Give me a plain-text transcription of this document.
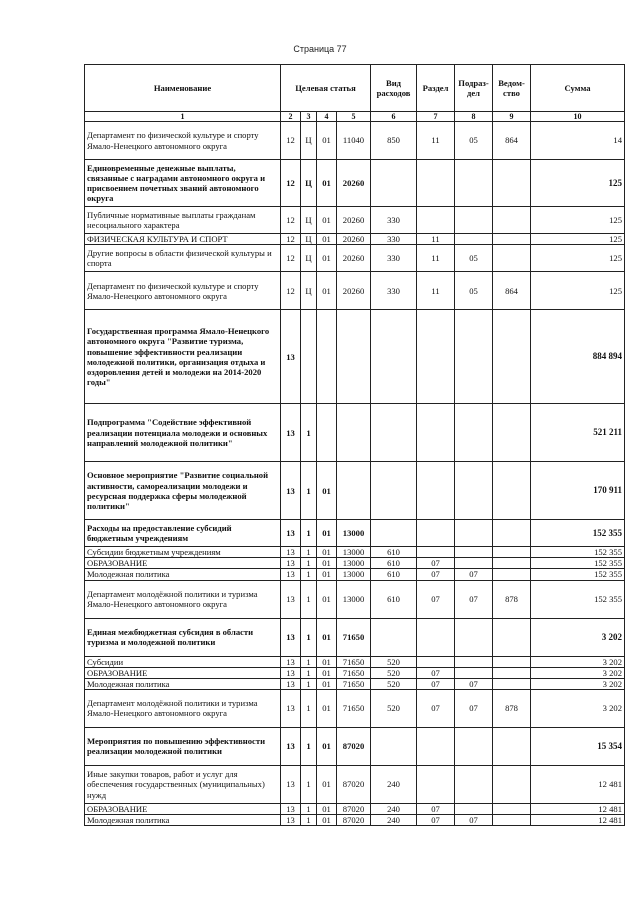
Страница 77
Наименование	Целевая статья				Вид расходов	Раздел	Подраз-дел	Ведом-ство	Сумма
1	2	3	4	5	6	7	8	9	10
Департамент по физической культуре и спорту Ямало-Ненецкого автономного округа	12	Ц	01	11040	850	11	05	864	14
Единовременные денежные выплаты, связанные с наградами автономного округа и присвоением почетных званий автономного округа	12	Ц	01	20260					125
Публичные нормативные выплаты гражданам несоциального характера	12	Ц	01	20260	330				125
ФИЗИЧЕСКАЯ КУЛЬТУРА И СПОРТ	12	Ц	01	20260	330	11			125
Другие вопросы в области физической культуры и спорта	12	Ц	01	20260	330	11	05		125
Департамент по физической культуре и спорту Ямало-Ненецкого автономного округа	12	Ц	01	20260	330	11	05	864	125
Государственная программа Ямало-Ненецкого автономного округа "Развитие туризма, повышение эффективности реализации молодежной политики, организация отдыха и оздоровления детей и молодежи на 2014-2020 годы"	13								884 894
Подпрограмма "Содействие эффективной реализации потенциала молодежи и основных направлений молодежной политики"	13	1							521 211
Основное мероприятие "Развитие социальной активности, самореализации молодежи и ресурсная поддержка сферы молодежной политики"	13	1	01						170 911
Расходы на предоставление субсидий бюджетным учреждениям	13	1	01	13000					152 355
Субсидии бюджетным учреждениям	13	1	01	13000	610				152 355
ОБРАЗОВАНИЕ	13	1	01	13000	610	07			152 355
Молодежная политика	13	1	01	13000	610	07	07		152 355
Департамент молодёжной политики и туризма Ямало-Ненецкого автономного округа	13	1	01	13000	610	07	07	878	152 355
Единая межбюджетная субсидия в области туризма и молодежной политики	13	1	01	71650					3 202
Субсидии	13	1	01	71650	520				3 202
ОБРАЗОВАНИЕ	13	1	01	71650	520	07			3 202
Молодежная политика	13	1	01	71650	520	07	07		3 202
Департамент молодёжной политики и туризма Ямало-Ненецкого автономного округа	13	1	01	71650	520	07	07	878	3 202
Мероприятия по повышению эффективности реализации молодежной политики	13	1	01	87020					15 354
Иные закупки товаров, работ и услуг для обеспечения государственных (муниципальных) нужд	13	1	01	87020	240				12 481
ОБРАЗОВАНИЕ	13	1	01	87020	240	07			12 481
Молодежная политика	13	1	01	87020	240	07	07		12 481
